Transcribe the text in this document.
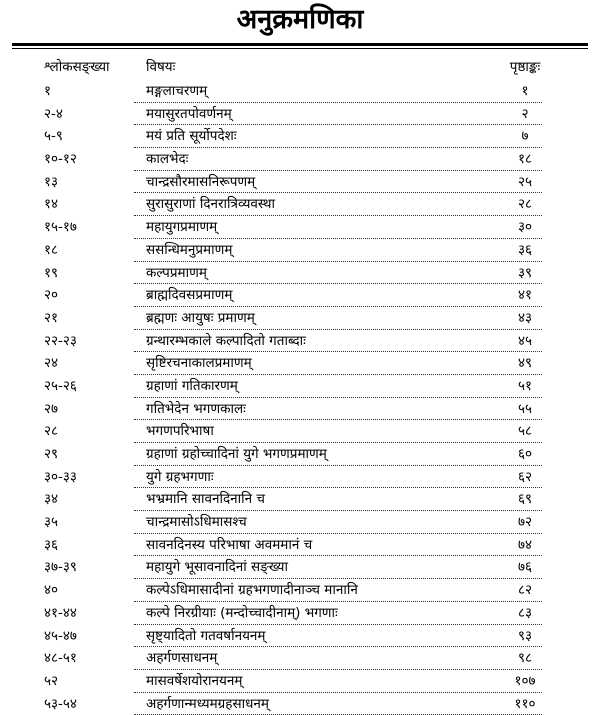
अनुक्रमणिका
श्लोकसङ्ख्या	विषयः	पृष्ठाङ्कः
१	मङ्गलाचरणम्	१
२-४	मयासुरतपोवर्णनम्	२
५-९	मयं प्रति सूर्योपदेशः	७
१०-१२	कालभेदः	१८
१३	चान्द्रसौरमासनिरूपणम्	२५
१४	सुरासुराणां दिनरात्रिव्यवस्था	२८
१५-१७	महायुगप्रमाणम्	३०
१८	ससन्धिमनुप्रमाणम्	३६
१९	कल्पप्रमाणम्	३९
२०	ब्राह्मदिवसप्रमाणम्	४१
२१	ब्रह्मणः आयुषः प्रमाणम्	४३
२२-२३	ग्रन्थारम्भकाले कल्पादितो गताब्दाः	४५
२४	सृष्टिरचनाकालप्रमाणम्	४९
२५-२६	ग्रहाणां गतिकारणम्	५१
२७	गतिभेदेन भगणकालः	५५
२८	भगणपरिभाषा	५८
२९	ग्रहाणां ग्रहोच्चादिनां युगे भगणप्रमाणम्	६०
३०-३३	युगे ग्रहभगणाः	६२
३४	भभ्रमानि सावनदिनानि च	६९
३५	चान्द्रमासोऽधिमासश्च	७२
३६	सावनदिनस्य परिभाषा अवममानं च	७४
३७-३९	महायुगे भूसावनादिनां सङ्ख्या	७६
४०	कल्पेऽधिमासादीनां ग्रहभगणादीनाञ्च मानानि	८२
४१-४४	कल्पे निरग्रीयाः (मन्दोच्चादीनाम्) भगणाः	८३
४५-४७	सृष्ट्यादितो गतवर्षानयनम्	९३
४८-५१	अहर्गणसाधनम्	९८
५२	मासवर्षेशयोरानयनम्	१०७
५३-५४	अहर्गणान्मध्यमग्रहसाधनम्	११०
